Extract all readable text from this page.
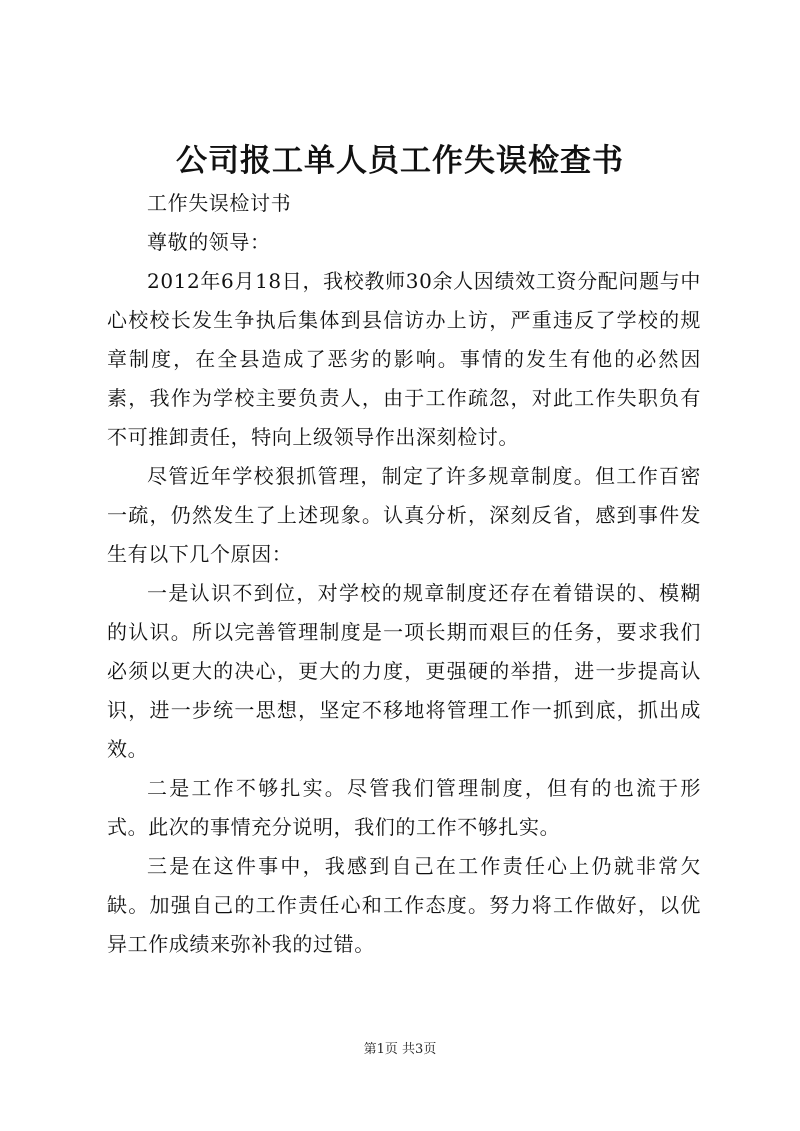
公司报工单人员工作失误检查书

工作失误检讨书

尊敬的领导：

2012年6月18日，我校教师30余人因绩效工资分配问题与中心校校长发生争执后集体到县信访办上访，严重违反了学校的规章制度，在全县造成了恶劣的影响。事情的发生有他的必然因素，我作为学校主要负责人，由于工作疏忽，对此工作失职负有不可推卸责任，特向上级领导作出深刻检讨。

尽管近年学校狠抓管理，制定了许多规章制度。但工作百密一疏，仍然发生了上述现象。认真分析，深刻反省，感到事件发生有以下几个原因：

一是认识不到位，对学校的规章制度还存在着错误的、模糊的认识。所以完善管理制度是一项长期而艰巨的任务，要求我们必须以更大的决心，更大的力度，更强硬的举措，进一步提高认识，进一步统一思想，坚定不移地将管理工作一抓到底，抓出成效。

二是工作不够扎实。尽管我们管理制度，但有的也流于形式。此次的事情充分说明，我们的工作不够扎实。

三是在这件事中，我感到自己在工作责任心上仍就非常欠缺。加强自己的工作责任心和工作态度。努力将工作做好，以优异工作成绩来弥补我的过错。

第1页 共3页
